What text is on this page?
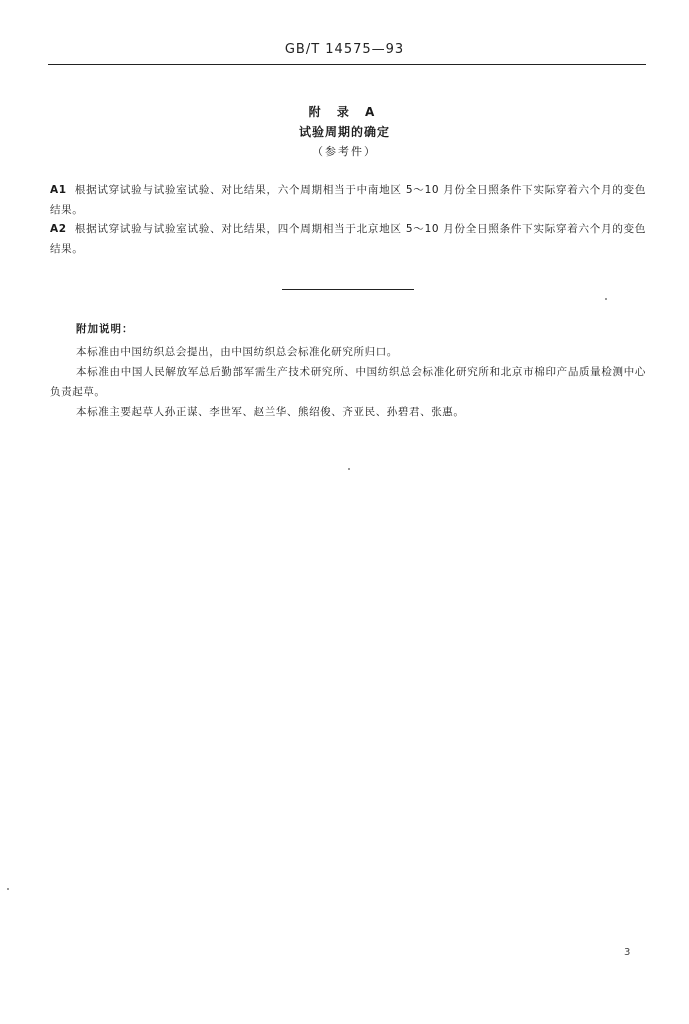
GB/T 14575—93
附 录 A
试验周期的确定
（参考件）
A1 根据试穿试验与试验室试验、对比结果，六个周期相当于中南地区 5～10 月份全日照条件下实际穿着六个月的变色结果。
A2 根据试穿试验与试验室试验、对比结果，四个周期相当于北京地区 5～10 月份全日照条件下实际穿着六个月的变色结果。
附加说明：
本标准由中国纺织总会提出，由中国纺织总会标准化研究所归口。
本标准由中国人民解放军总后勤部军需生产技术研究所、中国纺织总会标准化研究所和北京市棉印产品质量检测中心负责起草。
本标准主要起草人孙正谋、李世军、赵兰华、熊绍俊、齐亚民、孙碧君、张惠。
3
